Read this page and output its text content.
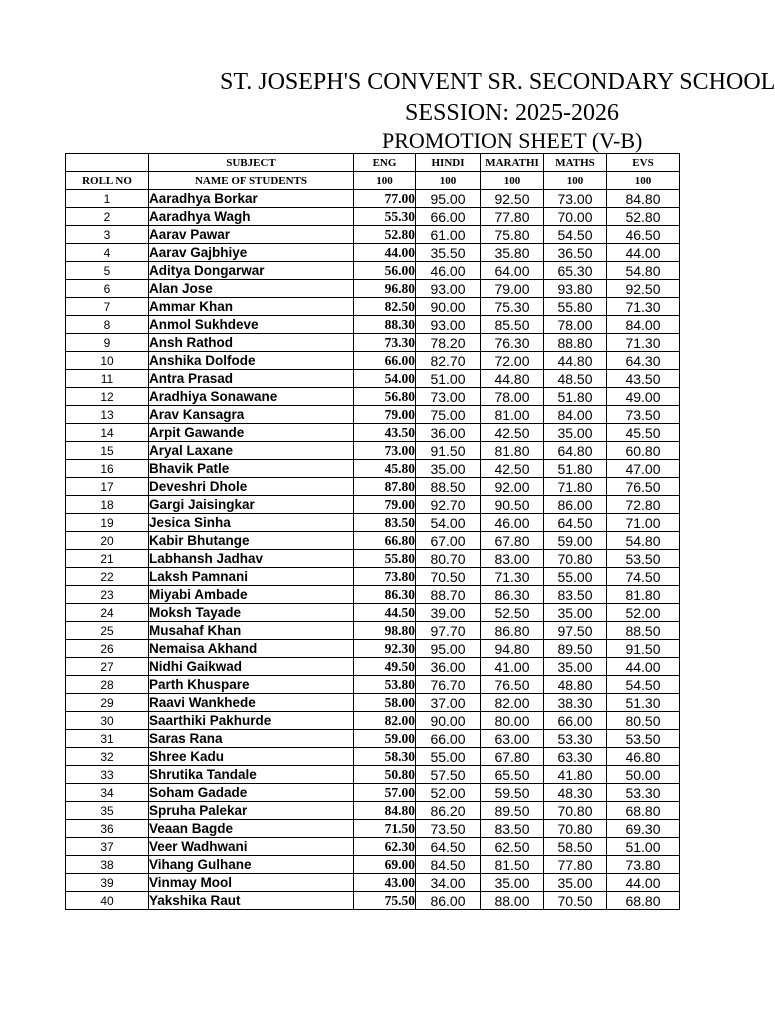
ST. JOSEPH'S CONVENT SR. SECONDARY SCHOOL
SESSION: 2025-2026
PROMOTION SHEET (V-B)
	SUBJECT	ENG	HINDI	MARATHI	MATHS	EVS
ROLL NO	NAME OF STUDENTS	100	100	100	100	100
1	Aaradhya Borkar	77.00	95.00	92.50	73.00	84.80
2	Aaradhya Wagh	55.30	66.00	77.80	70.00	52.80
3	Aarav Pawar	52.80	61.00	75.80	54.50	46.50
4	Aarav Gajbhiye	44.00	35.50	35.80	36.50	44.00
5	Aditya Dongarwar	56.00	46.00	64.00	65.30	54.80
6	Alan Jose	96.80	93.00	79.00	93.80	92.50
7	Ammar Khan	82.50	90.00	75.30	55.80	71.30
8	Anmol Sukhdeve	88.30	93.00	85.50	78.00	84.00
9	Ansh Rathod	73.30	78.20	76.30	88.80	71.30
10	Anshika Dolfode	66.00	82.70	72.00	44.80	64.30
11	Antra Prasad	54.00	51.00	44.80	48.50	43.50
12	Aradhiya Sonawane	56.80	73.00	78.00	51.80	49.00
13	Arav Kansagra	79.00	75.00	81.00	84.00	73.50
14	Arpit Gawande	43.50	36.00	42.50	35.00	45.50
15	Aryal Laxane	73.00	91.50	81.80	64.80	60.80
16	Bhavik Patle	45.80	35.00	42.50	51.80	47.00
17	Deveshri Dhole	87.80	88.50	92.00	71.80	76.50
18	Gargi Jaisingkar	79.00	92.70	90.50	86.00	72.80
19	Jesica Sinha	83.50	54.00	46.00	64.50	71.00
20	Kabir Bhutange	66.80	67.00	67.80	59.00	54.80
21	Labhansh Jadhav	55.80	80.70	83.00	70.80	53.50
22	Laksh Pamnani	73.80	70.50	71.30	55.00	74.50
23	Miyabi Ambade	86.30	88.70	86.30	83.50	81.80
24	Moksh Tayade	44.50	39.00	52.50	35.00	52.00
25	Musahaf Khan	98.80	97.70	86.80	97.50	88.50
26	Nemaisa Akhand	92.30	95.00	94.80	89.50	91.50
27	Nidhi Gaikwad	49.50	36.00	41.00	35.00	44.00
28	Parth Khuspare	53.80	76.70	76.50	48.80	54.50
29	Raavi Wankhede	58.00	37.00	82.00	38.30	51.30
30	Saarthiki Pakhurde	82.00	90.00	80.00	66.00	80.50
31	Saras Rana	59.00	66.00	63.00	53.30	53.50
32	Shree Kadu	58.30	55.00	67.80	63.30	46.80
33	Shrutika Tandale	50.80	57.50	65.50	41.80	50.00
34	Soham Gadade	57.00	52.00	59.50	48.30	53.30
35	Spruha Palekar	84.80	86.20	89.50	70.80	68.80
36	Veaan Bagde	71.50	73.50	83.50	70.80	69.30
37	Veer Wadhwani	62.30	64.50	62.50	58.50	51.00
38	Vihang Gulhane	69.00	84.50	81.50	77.80	73.80
39	Vinmay Mool	43.00	34.00	35.00	35.00	44.00
40	Yakshika Raut	75.50	86.00	88.00	70.50	68.80
